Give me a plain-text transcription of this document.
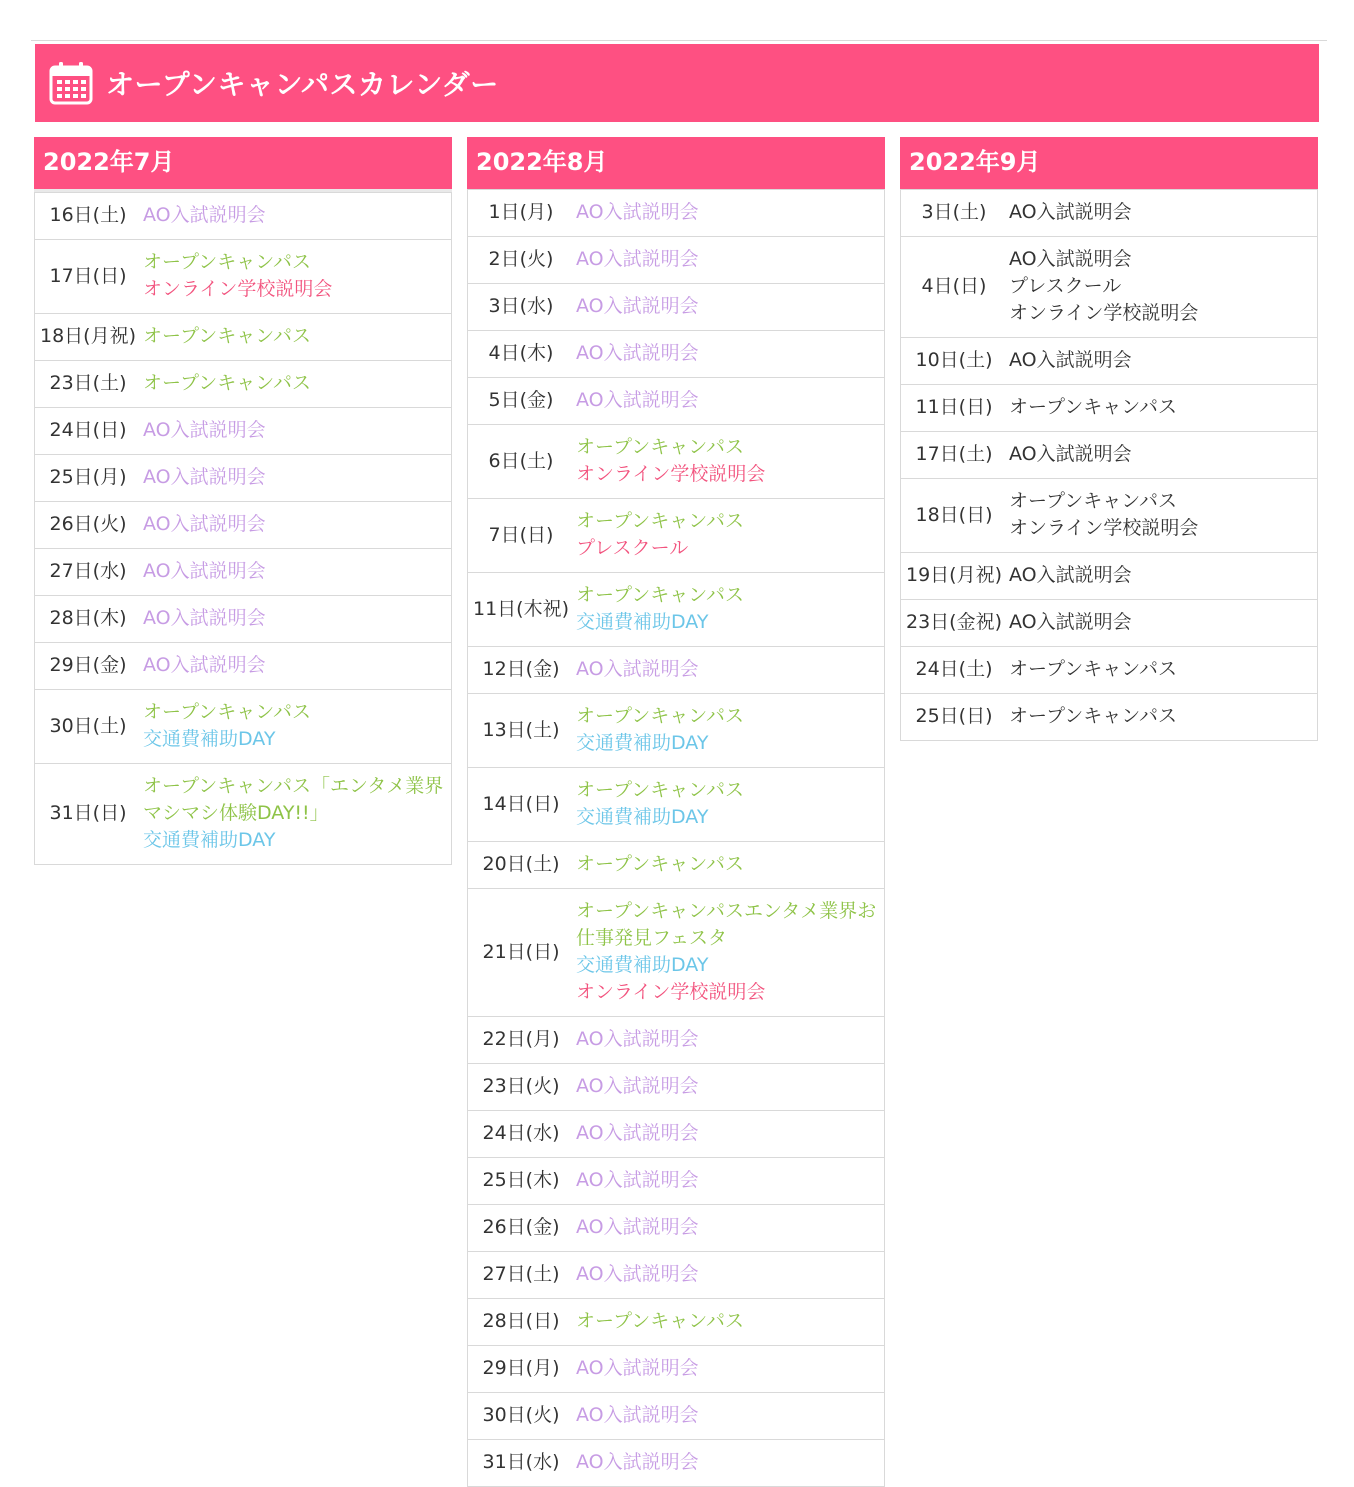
オープンキャンパスカレンダー
2022年7月
16日(土)	AO入試説明会

17日(日)	オープンキャンパス
オンライン学校説明会

18日(月祝)	オープンキャンパス

23日(土)	オープンキャンパス

24日(日)	AO入試説明会

25日(月)	AO入試説明会

26日(火)	AO入試説明会

27日(水)	AO入試説明会

28日(木)	AO入試説明会

29日(金)	AO入試説明会

30日(土)	オープンキャンパス
交通費補助DAY

31日(日)	オープンキャンパス「エンタメ業界マシマシ体験DAY!!」
交通費補助DAY
2022年8月
1日(月)	AO入試説明会

2日(火)	AO入試説明会

3日(水)	AO入試説明会

4日(木)	AO入試説明会

5日(金)	AO入試説明会

6日(土)	オープンキャンパス
オンライン学校説明会

7日(日)	オープンキャンパス
プレスクール

11日(木祝)	オープンキャンパス
交通費補助DAY

12日(金)	AO入試説明会

13日(土)	オープンキャンパス
交通費補助DAY

14日(日)	オープンキャンパス
交通費補助DAY

20日(土)	オープンキャンパス

21日(日)	オープンキャンパスエンタメ業界お仕事発見フェスタ
交通費補助DAY
オンライン学校説明会

22日(月)	AO入試説明会

23日(火)	AO入試説明会

24日(水)	AO入試説明会

25日(木)	AO入試説明会

26日(金)	AO入試説明会

27日(土)	AO入試説明会

28日(日)	オープンキャンパス

29日(月)	AO入試説明会

30日(火)	AO入試説明会

31日(水)	AO入試説明会
2022年9月
3日(土)	AO入試説明会

4日(日)	AO入試説明会
プレスクール
オンライン学校説明会

10日(土)	AO入試説明会

11日(日)	オープンキャンパス

17日(土)	AO入試説明会

18日(日)	オープンキャンパス
オンライン学校説明会

19日(月祝)	AO入試説明会

23日(金祝)	AO入試説明会

24日(土)	オープンキャンパス

25日(日)	オープンキャンパス
